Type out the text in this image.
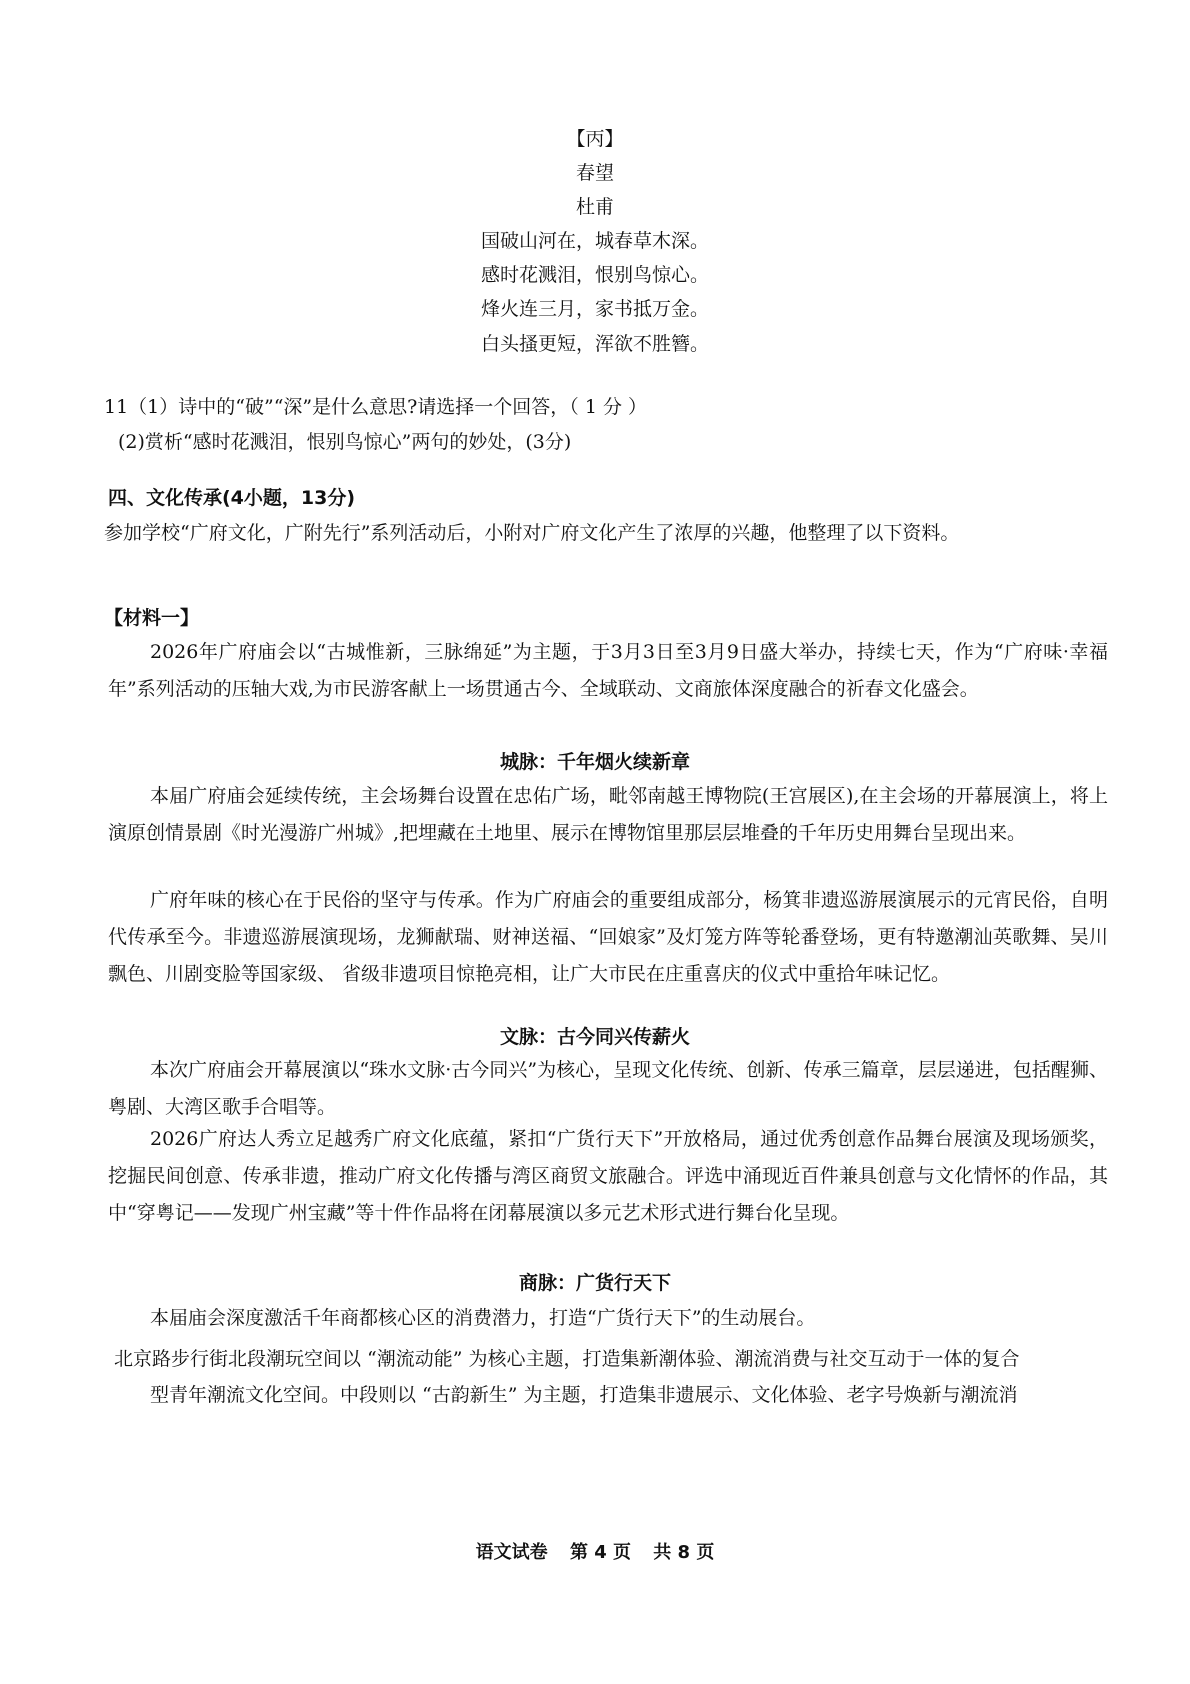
【丙】
春望
杜甫
国破山河在，城春草木深。
感时花溅泪，恨别鸟惊心。
烽火连三月，家书抵万金。
白头搔更短，浑欲不胜簪。
11（1）诗中的“破”“深”是什么意思?请选择一个回答，（ 1 分 ）
(2)赏析“感时花溅泪，恨别鸟惊心”两句的妙处，(3分)
四、文化传承(4小题，13分)
参加学校“广府文化，广附先行”系列活动后，小附对广府文化产生了浓厚的兴趣，他整理了以下资料。
【材料一】
2026年广府庙会以“古城惟新，三脉绵延”为主题，于3月3日至3月9日盛大举办，持续七天，作为“广府味·幸福年”系列活动的压轴大戏,为市民游客献上一场贯通古今、全域联动、文商旅体深度融合的祈春文化盛会。
城脉：千年烟火续新章
本届广府庙会延续传统，主会场舞台设置在忠佑广场，毗邻南越王博物院(王宫展区),在主会场的开幕展演上，将上演原创情景剧《时光漫游广州城》,把埋藏在土地里、展示在博物馆里那层层堆叠的千年历史用舞台呈现出来。
广府年味的核心在于民俗的坚守与传承。作为广府庙会的重要组成部分，杨箕非遗巡游展演展示的元宵民俗，自明代传承至今。非遗巡游展演现场，龙狮献瑞、财神送福、“回娘家”及灯笼方阵等轮番登场，更有特邀潮汕英歌舞、吴川飘色、川剧变脸等国家级、 省级非遗项目惊艳亮相，让广大市民在庄重喜庆的仪式中重拾年味记忆。
文脉：古今同兴传薪火
本次广府庙会开幕展演以“珠水文脉·古今同兴”为核心，呈现文化传统、创新、传承三篇章，层层递进，包括醒狮、粤剧、大湾区歌手合唱等。
2026广府达人秀立足越秀广府文化底蕴，紧扣“广货行天下”开放格局，通过优秀创意作品舞台展演及现场颁奖，挖掘民间创意、传承非遗，推动广府文化传播与湾区商贸文旅融合。评选中涌现近百件兼具创意与文化情怀的作品，其中“穿粤记——发现广州宝藏”等十件作品将在闭幕展演以多元艺术形式进行舞台化呈现。
商脉：广货行天下
本届庙会深度激活千年商都核心区的消费潜力，打造“广货行天下”的生动展台。
北京路步行街北段潮玩空间以 “潮流动能” 为核心主题，打造集新潮体验、潮流消费与社交互动于一体的复合
型青年潮流文化空间。中段则以 “古韵新生” 为主题，打造集非遗展示、文化体验、老字号焕新与潮流消
语文试卷 第 4 页 共 8 页
